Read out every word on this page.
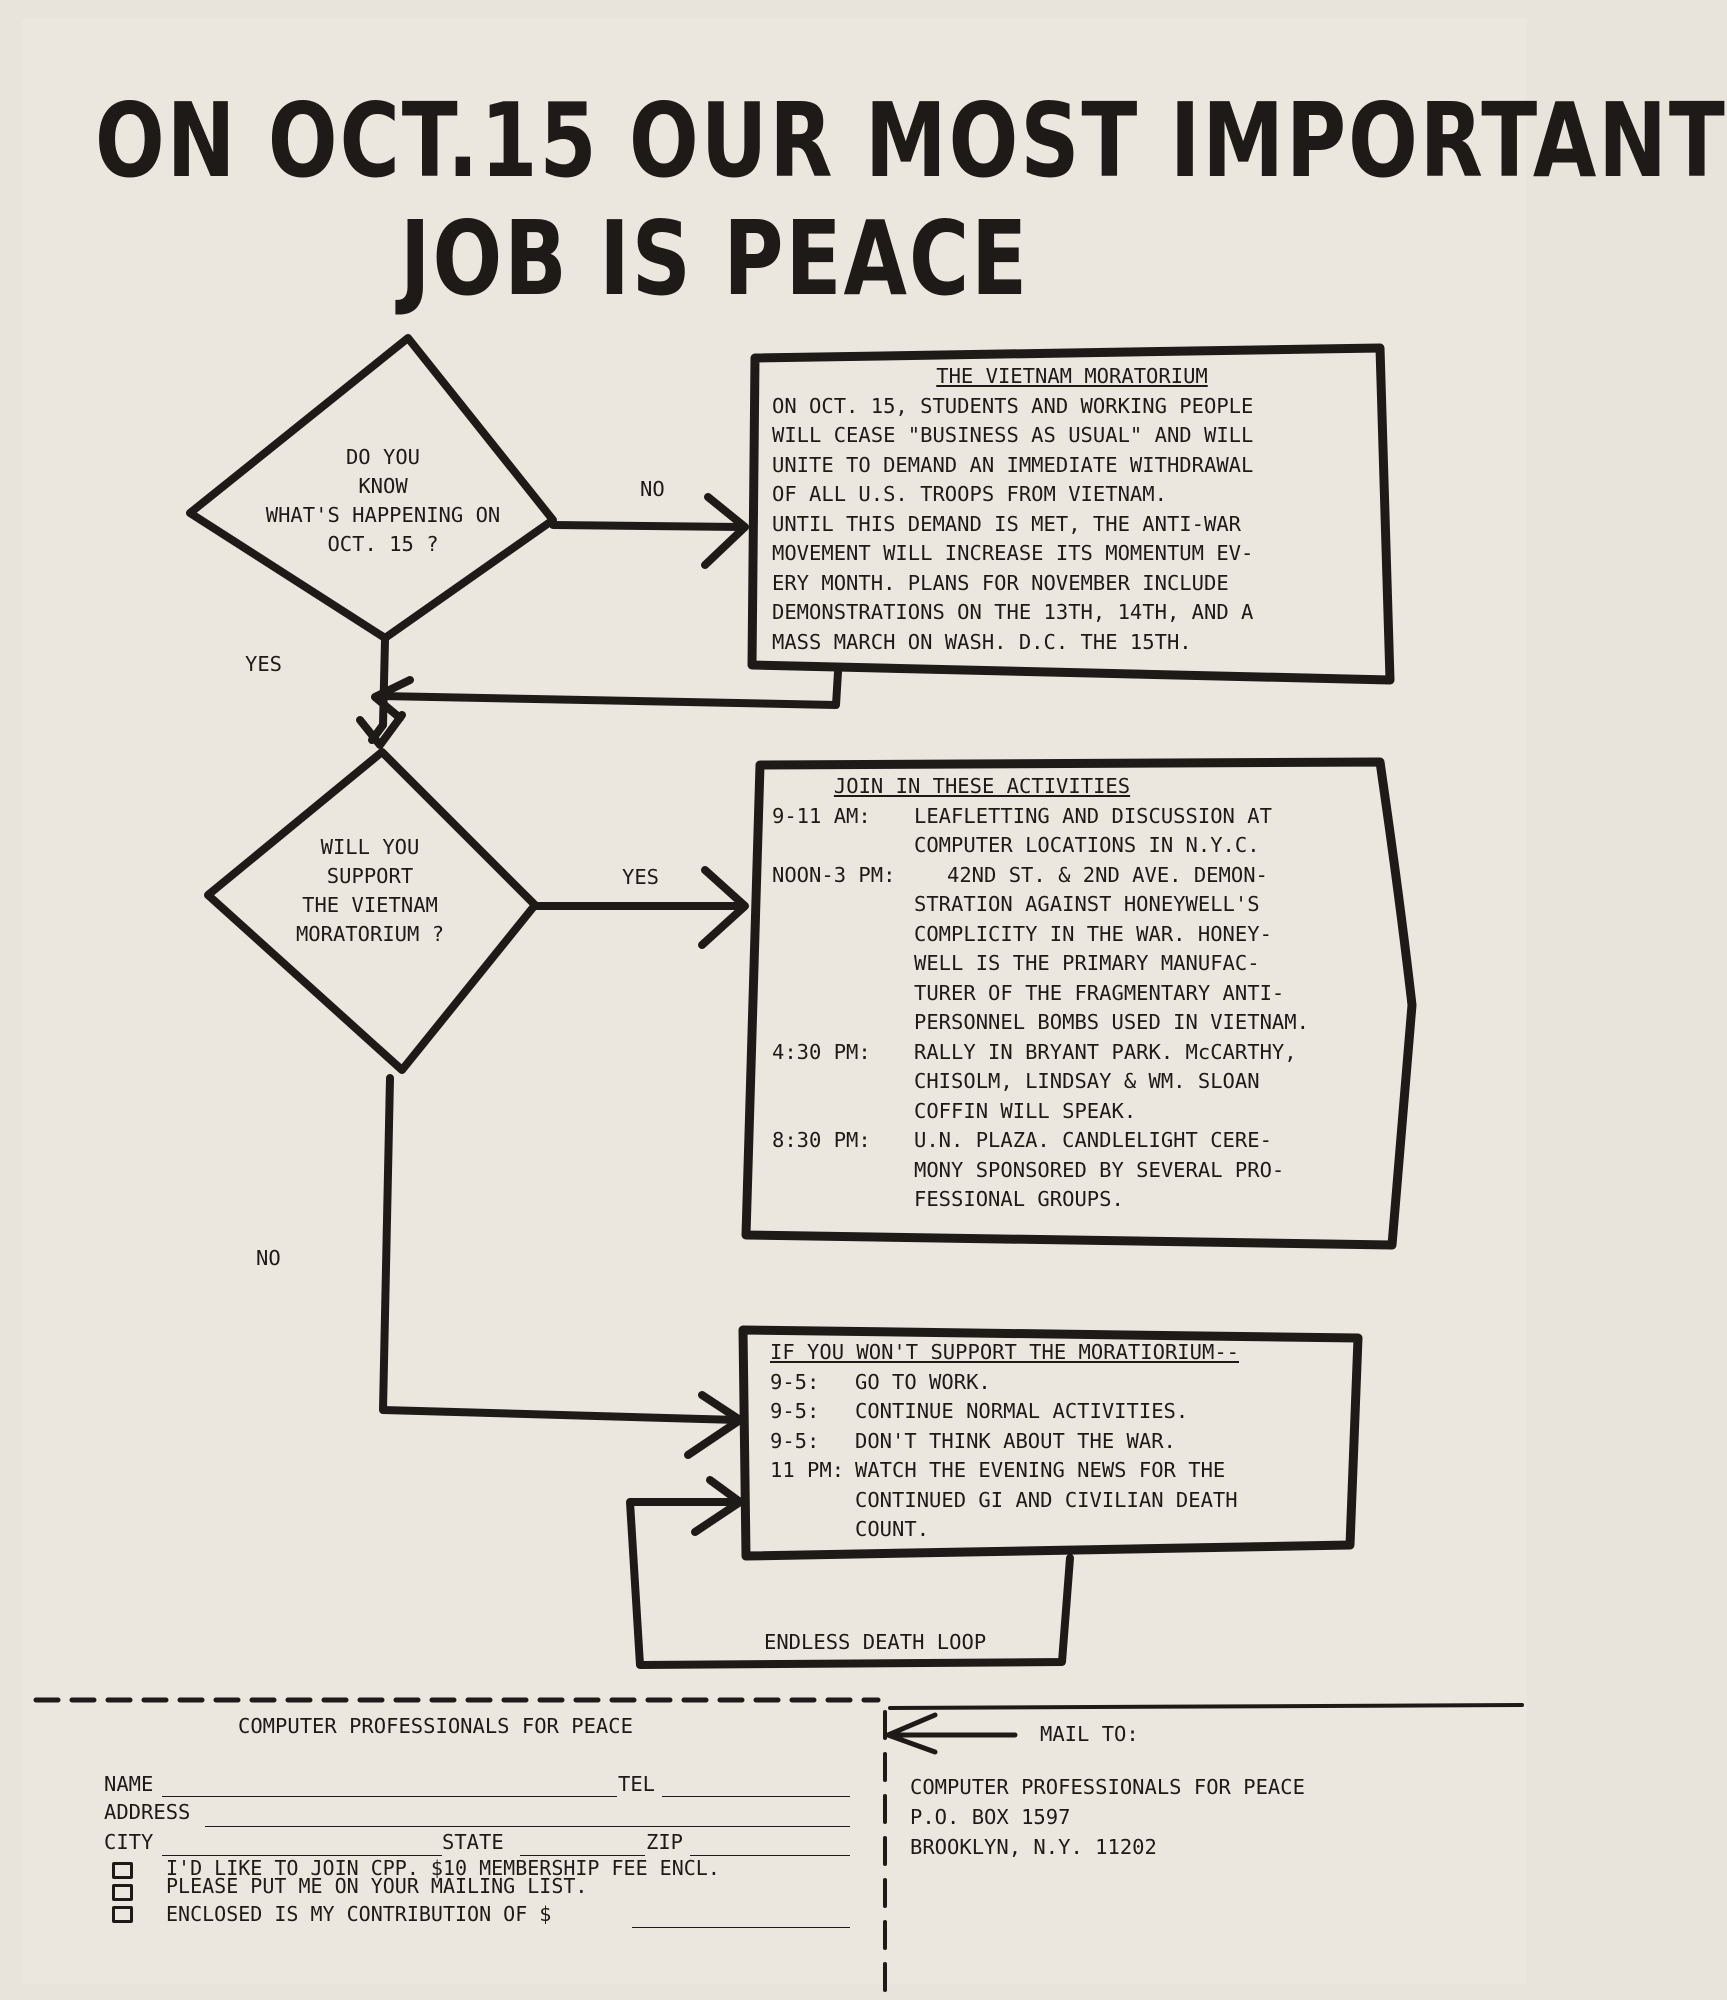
ON OCT.15 OUR MOST IMPORTANT
JOB IS PEACE
DO YOU
KNOW
WHAT'S HAPPENING ON
OCT. 15 ?
NO
YES
THE VIETNAM MORATORIUM
ON OCT. 15, STUDENTS AND WORKING PEOPLE
WILL CEASE "BUSINESS AS USUAL" AND WILL
UNITE TO DEMAND AN IMMEDIATE WITHDRAWAL
OF ALL U.S. TROOPS FROM VIETNAM.
UNTIL THIS DEMAND IS MET, THE ANTI-WAR
MOVEMENT WILL INCREASE ITS MOMENTUM EV-
ERY MONTH. PLANS FOR NOVEMBER INCLUDE
DEMONSTRATIONS ON THE 13TH, 14TH, AND A
MASS MARCH ON WASH. D.C. THE 15TH.
WILL YOU
SUPPORT
THE VIETNAM
MORATORIUM ?
YES
NO
JOIN IN THESE ACTIVITIES
9-11 AM:	LEAFLETTING AND DISCUSSION AT
COMPUTER LOCATIONS IN N.Y.C.
NOON-3 PM:	42ND ST. & 2ND AVE. DEMON-
STRATION AGAINST HONEYWELL'S
COMPLICITY IN THE WAR. HONEY-
WELL IS THE PRIMARY MANUFAC-
TURER OF THE FRAGMENTARY ANTI-
PERSONNEL BOMBS USED IN VIETNAM.
4:30 PM:	RALLY IN BRYANT PARK. McCARTHY,
CHISOLM, LINDSAY & WM. SLOAN
COFFIN WILL SPEAK.
8:30 PM:	U.N. PLAZA. CANDLELIGHT CERE-
MONY SPONSORED BY SEVERAL PRO-
FESSIONAL GROUPS.
IF YOU WON'T SUPPORT THE MORATIORIUM--
9-5:	GO TO WORK.
9-5:	CONTINUE NORMAL ACTIVITIES.
9-5:	DON'T THINK ABOUT THE WAR.
11 PM: WATCH THE EVENING NEWS FOR THE
CONTINUED GI AND CIVILIAN DEATH
COUNT.
ENDLESS DEATH LOOP
COMPUTER PROFESSIONALS FOR PEACE
NAME	TEL
ADDRESS
CITY	STATE	ZIP
I'D LIKE TO JOIN CPP. $10 MEMBERSHIP FEE ENCL.
PLEASE PUT ME ON YOUR MAILING LIST.
ENCLOSED IS MY CONTRIBUTION OF $
MAIL TO:
COMPUTER PROFESSIONALS FOR PEACE
P.O. BOX 1597
BROOKLYN, N.Y. 11202
